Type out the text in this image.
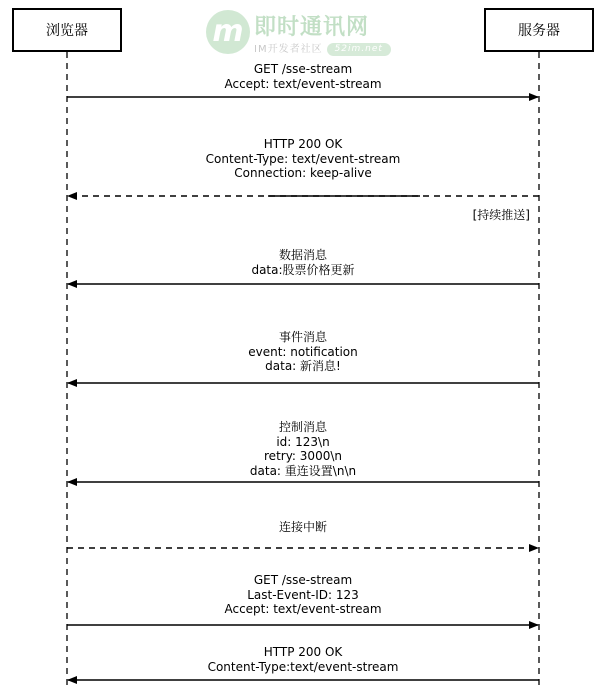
浏览器	服务器
m 即时通讯网
IM开发者社区 52im.net
GET /sse-stream
Accept: text/event-stream
HTTP 200 OK
Content-Type: text/event-stream
Connection: keep-alive
数据消息
data:股票价格更新
事件消息
event: notification
data: 新消息!
控制消息
id: 123\n
retry: 3000\n
data: 重连设置\n\n
连接中断
GET /sse-stream
Last-Event-ID: 123
Accept: text/event-stream
HTTP 200 OK
Content-Type:text/event-stream
[持续推送]
